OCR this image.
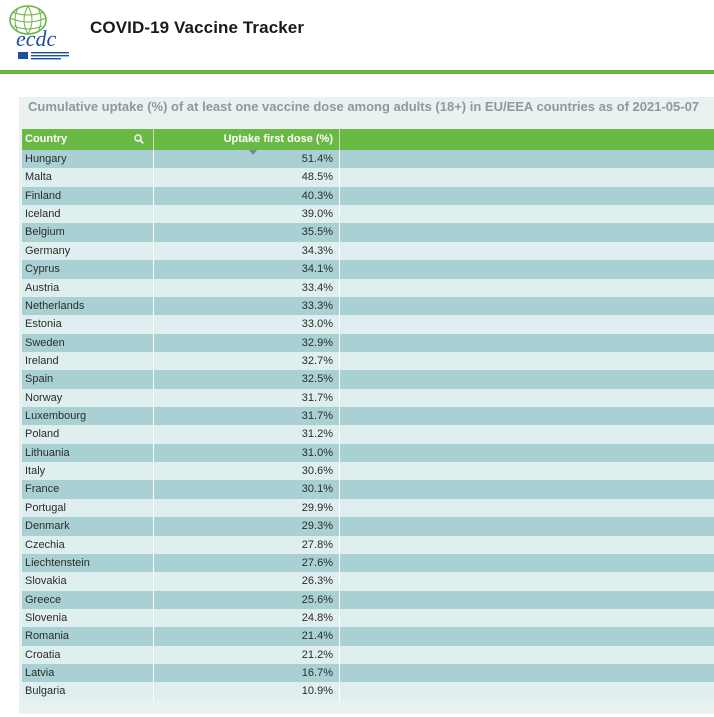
ecdc COVID-19 Vaccine Tracker
Cumulative uptake (%) of at least one vaccine dose among adults (18+) in EU/EEA countries as of 2021-05-07
Country	Uptake first dose (%)
Hungary	51.4%
Malta	48.5%
Finland	40.3%
Iceland	39.0%
Belgium	35.5%
Germany	34.3%
Cyprus	34.1%
Austria	33.4%
Netherlands	33.3%
Estonia	33.0%
Sweden	32.9%
Ireland	32.7%
Spain	32.5%
Norway	31.7%
Luxembourg	31.7%
Poland	31.2%
Lithuania	31.0%
Italy	30.6%
France	30.1%
Portugal	29.9%
Denmark	29.3%
Czechia	27.8%
Liechtenstein	27.6%
Slovakia	26.3%
Greece	25.6%
Slovenia	24.8%
Romania	21.4%
Croatia	21.2%
Latvia	16.7%
Bulgaria	10.9%
